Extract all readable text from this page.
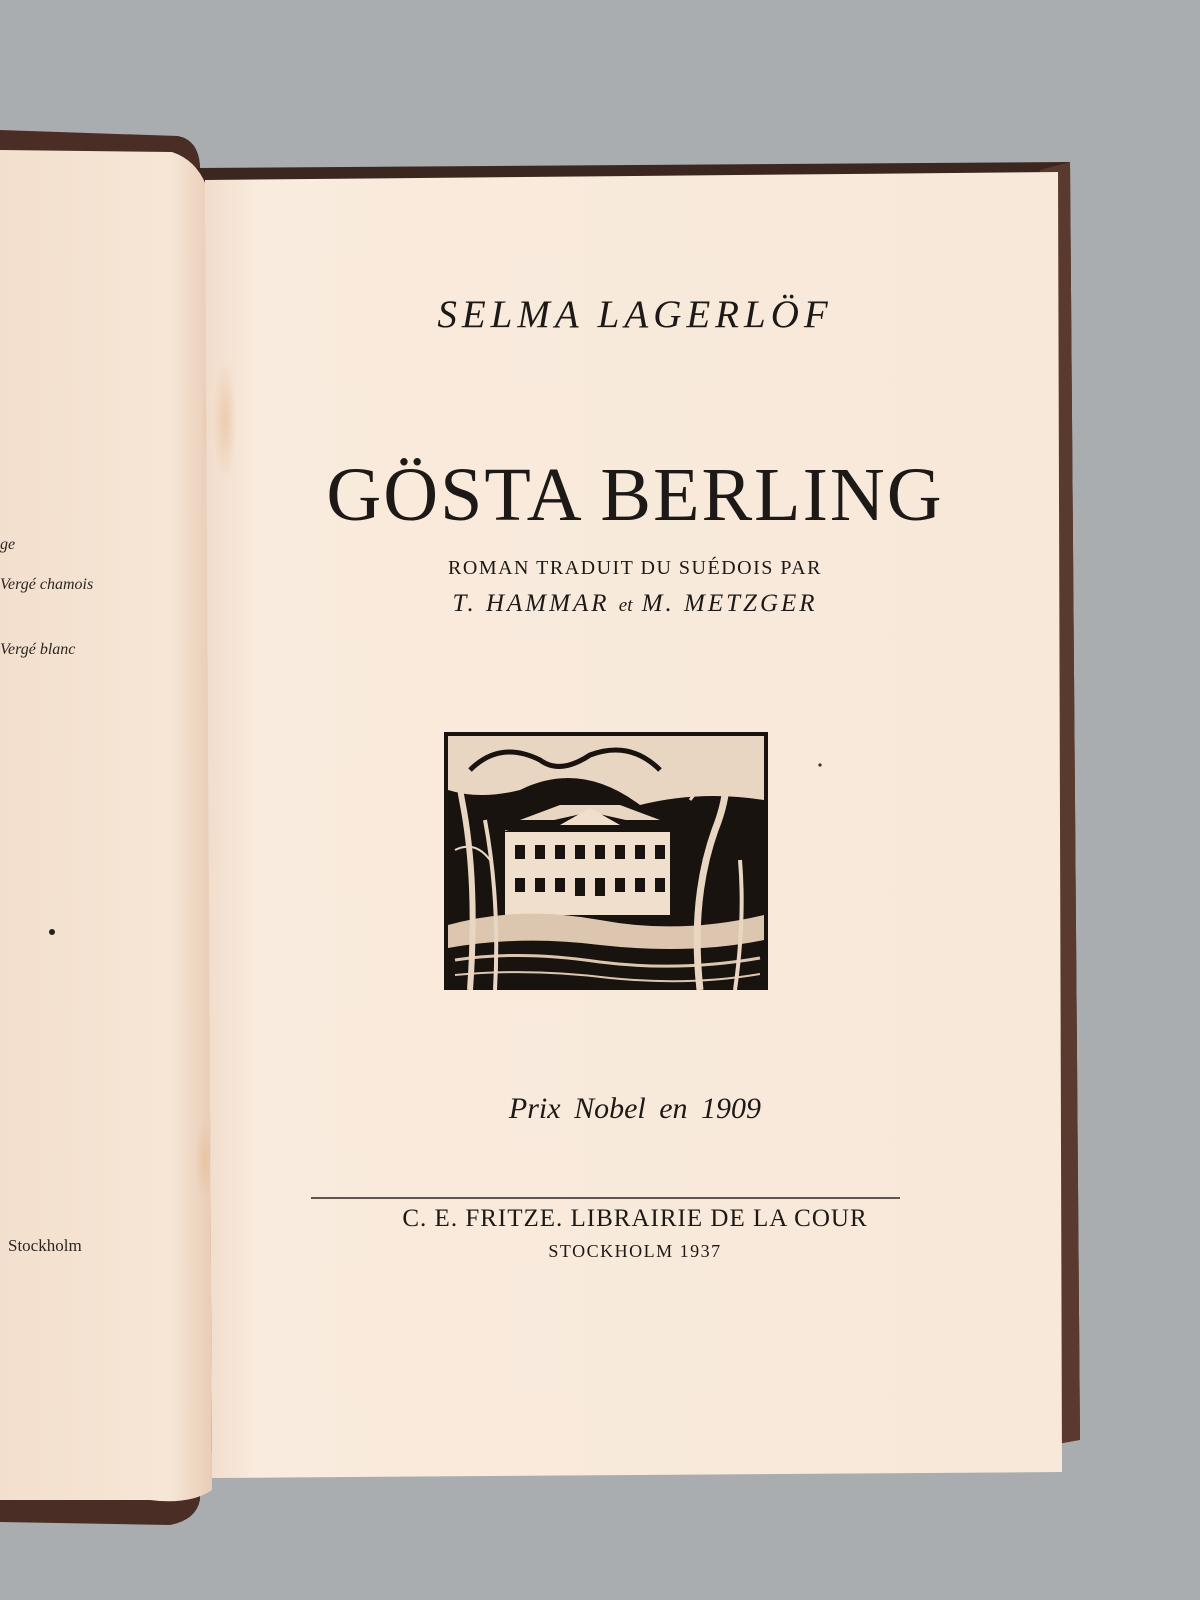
SELMA LAGERLÖF
GÖSTA BERLING
ROMAN TRADUIT DU SUÉDOIS PAR
T. HAMMAR et M. METZGER
Prix Nobel en 1909
C. E. FRITZE. LIBRAIRIE DE LA COUR
STOCKHOLM 1937
ge
Vergé chamois
Vergé blanc
Stockholm
